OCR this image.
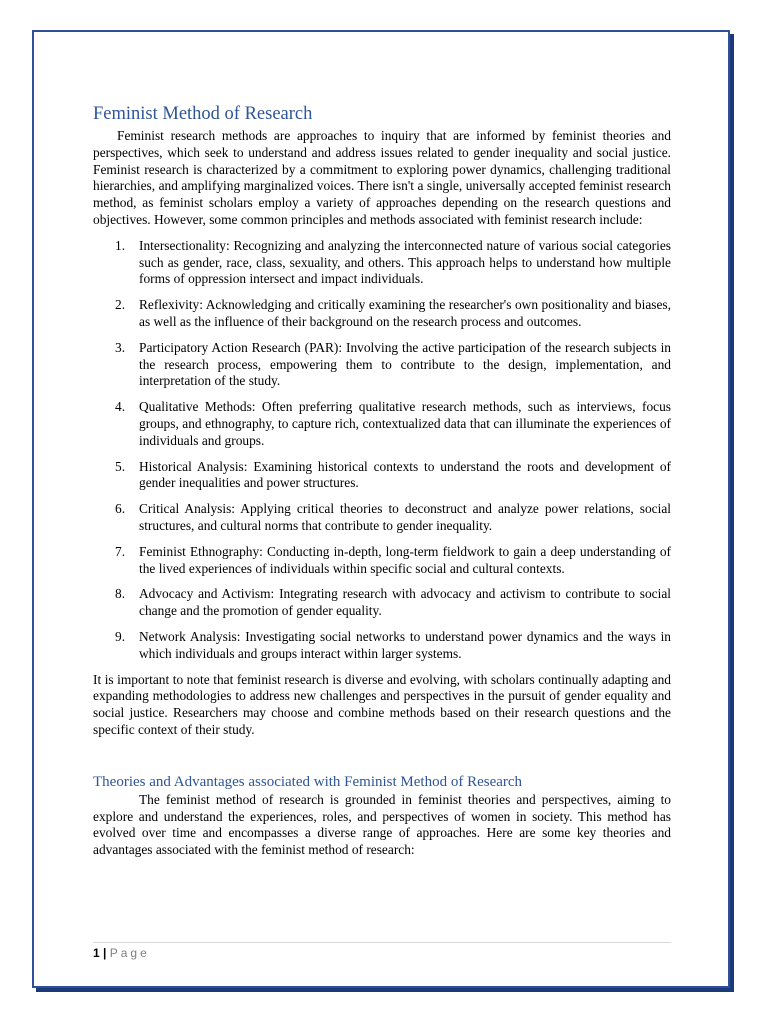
Feminist Method of Research

Feminist research methods are approaches to inquiry that are informed by feminist theories and perspectives, which seek to understand and address issues related to gender inequality and social justice. Feminist research is characterized by a commitment to exploring power dynamics, challenging traditional hierarchies, and amplifying marginalized voices. There isn't a single, universally accepted feminist research method, as feminist scholars employ a variety of approaches depending on the research questions and objectives. However, some common principles and methods associated with feminist research include:

1. Intersectionality: Recognizing and analyzing the interconnected nature of various social categories such as gender, race, class, sexuality, and others. This approach helps to understand how multiple forms of oppression intersect and impact individuals.
2. Reflexivity: Acknowledging and critically examining the researcher's own positionality and biases, as well as the influence of their background on the research process and outcomes.
3. Participatory Action Research (PAR): Involving the active participation of the research subjects in the research process, empowering them to contribute to the design, implementation, and interpretation of the study.
4. Qualitative Methods: Often preferring qualitative research methods, such as interviews, focus groups, and ethnography, to capture rich, contextualized data that can illuminate the experiences of individuals and groups.
5. Historical Analysis: Examining historical contexts to understand the roots and development of gender inequalities and power structures.
6. Critical Analysis: Applying critical theories to deconstruct and analyze power relations, social structures, and cultural norms that contribute to gender inequality.
7. Feminist Ethnography: Conducting in-depth, long-term fieldwork to gain a deep understanding of the lived experiences of individuals within specific social and cultural contexts.
8. Advocacy and Activism: Integrating research with advocacy and activism to contribute to social change and the promotion of gender equality.
9. Network Analysis: Investigating social networks to understand power dynamics and the ways in which individuals and groups interact within larger systems.

It is important to note that feminist research is diverse and evolving, with scholars continually adapting and expanding methodologies to address new challenges and perspectives in the pursuit of gender equality and social justice. Researchers may choose and combine methods based on their research questions and the specific context of their study.

Theories and Advantages associated with Feminist Method of Research

The feminist method of research is grounded in feminist theories and perspectives, aiming to explore and understand the experiences, roles, and perspectives of women in society. This method has evolved over time and encompasses a diverse range of approaches. Here are some key theories and advantages associated with the feminist method of research:

1 | Page
